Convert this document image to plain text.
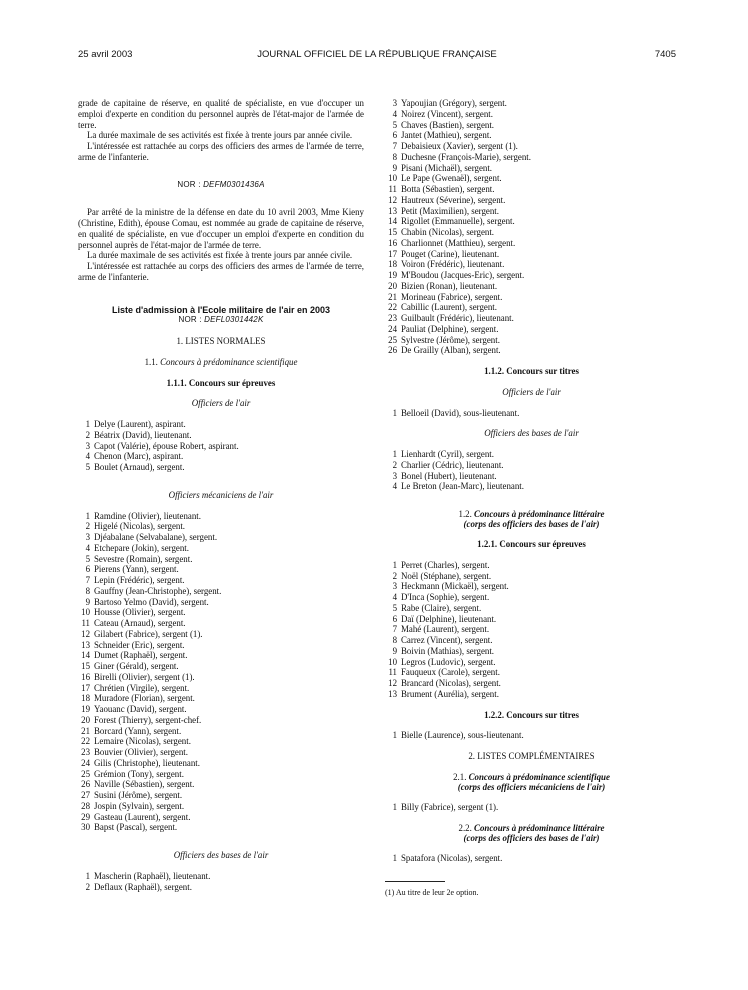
25 avril 2003	JOURNAL OFFICIEL DE LA RÉPUBLIQUE FRANÇAISE	7405

grade de capitaine de réserve, en qualité de spécialiste, en vue d'occuper un emploi d'experte en condition du personnel auprès de l'état-major de l'armée de terre.

La durée maximale de ses activités est fixée à trente jours par année civile.

L'intéressée est rattachée au corps des officiers des armes de l'armée de terre, arme de l'infanterie.

NOR : DEFM0301436A

Par arrêté de la ministre de la défense en date du 10 avril 2003, Mme Kieny (Christine, Edith), épouse Comau, est nommée au grade de capitaine de réserve, en qualité de spécialiste, en vue d'occuper un emploi d'experte en condition du personnel auprès de l'état-major de l'armée de terre.

La durée maximale de ses activités est fixée à trente jours par année civile.

L'intéressée est rattachée au corps des officiers des armes de l'armée de terre, arme de l'infanterie.

Liste d'admission à l'Ecole militaire de l'air en 2003
NOR : DEFL0301442K
1. LISTES NORMALES
1.1. Concours à prédominance scientifique
1.1.1. Concours sur épreuves
Officiers de l'air
1 Delye (Laurent), aspirant.
2 Béatrix (David), lieutenant.
3 Capot (Valérie), épouse Robert, aspirant.
4 Chenon (Marc), aspirant.
5 Boulet (Arnaud), sergent.
Officiers mécaniciens de l'air
1 Ramdine (Olivier), lieutenant.
2 Higelé (Nicolas), sergent.
3 Djéabalane (Selvabalane), sergent.
4 Etchepare (Jokin), sergent.
5 Sevestre (Romain), sergent.
6 Pierens (Yann), sergent.
7 Lepin (Frédéric), sergent.
8 Gauffny (Jean-Christophe), sergent.
9 Bartoso Yelmo (David), sergent.
10 Housse (Olivier), sergent.
11 Cateau (Arnaud), sergent.
12 Gilabert (Fabrice), sergent (1).
13 Schneider (Eric), sergent.
14 Dumet (Raphaël), sergent.
15 Giner (Gérald), sergent.
16 Birelli (Olivier), sergent (1).
17 Chrétien (Virgile), sergent.
18 Muradore (Florian), sergent.
19 Yaouanc (David), sergent.
20 Forest (Thierry), sergent-chef.
21 Borcard (Yann), sergent.
22 Lemaire (Nicolas), sergent.
23 Bouvier (Olivier), sergent.
24 Gilis (Christophe), lieutenant.
25 Grémion (Tony), sergent.
26 Naville (Sébastien), sergent.
27 Susini (Jérôme), sergent.
28 Jospin (Sylvain), sergent.
29 Gasteau (Laurent), sergent.
30 Bapst (Pascal), sergent.
Officiers des bases de l'air
1 Mascherin (Raphaël), lieutenant.
2 Deflaux (Raphaël), sergent.
3 Yapoujian (Grégory), sergent.
4 Noirez (Vincent), sergent.
5 Chaves (Bastien), sergent.
6 Jantet (Mathieu), sergent.
7 Debaisieux (Xavier), sergent (1).
8 Duchesne (François-Marie), sergent.
9 Pisani (Michaël), sergent.
10 Le Pape (Gwenaël), sergent.
11 Botta (Sébastien), sergent.
12 Hautreux (Séverine), sergent.
13 Petit (Maximilien), sergent.
14 Rigollet (Emmanuelle), sergent.
15 Chabin (Nicolas), sergent.
16 Charlionnet (Matthieu), sergent.
17 Pouget (Carine), lieutenant.
18 Voiron (Frédéric), lieutenant.
19 M'Boudou (Jacques-Eric), sergent.
20 Bizien (Ronan), lieutenant.
21 Morineau (Fabrice), sergent.
22 Cabillic (Laurent), sergent.
23 Guilbault (Frédéric), lieutenant.
24 Pauliat (Delphine), sergent.
25 Sylvestre (Jérôme), sergent.
26 De Grailly (Alban), sergent.
1.1.2. Concours sur titres
Officiers de l'air
1 Belloeil (David), sous-lieutenant.
Officiers des bases de l'air
1 Lienhardt (Cyril), sergent.
2 Charlier (Cédric), lieutenant.
3 Bonel (Hubert), lieutenant.
4 Le Breton (Jean-Marc), lieutenant.
1.2. Concours à prédominance littéraire
(corps des officiers des bases de l'air)
1.2.1. Concours sur épreuves
1 Perret (Charles), sergent.
2 Noël (Stéphane), sergent.
3 Heckmann (Mickaël), sergent.
4 D'Inca (Sophie), sergent.
5 Rabe (Claire), sergent.
6 Daï (Delphine), lieutenant.
7 Mahé (Laurent), sergent.
8 Carrez (Vincent), sergent.
9 Boivin (Mathias), sergent.
10 Legros (Ludovic), sergent.
11 Fauqueux (Carole), sergent.
12 Brancard (Nicolas), sergent.
13 Brument (Aurélia), sergent.
1.2.2. Concours sur titres
1 Bielle (Laurence), sous-lieutenant.
2. LISTES COMPLÉMENTAIRES
2.1. Concours à prédominance scientifique
(corps des officiers mécaniciens de l'air)
1 Billy (Fabrice), sergent (1).
2.2. Concours à prédominance littéraire
(corps des officiers des bases de l'air)
1 Spatafora (Nicolas), sergent.

(1) Au titre de leur 2e option.
